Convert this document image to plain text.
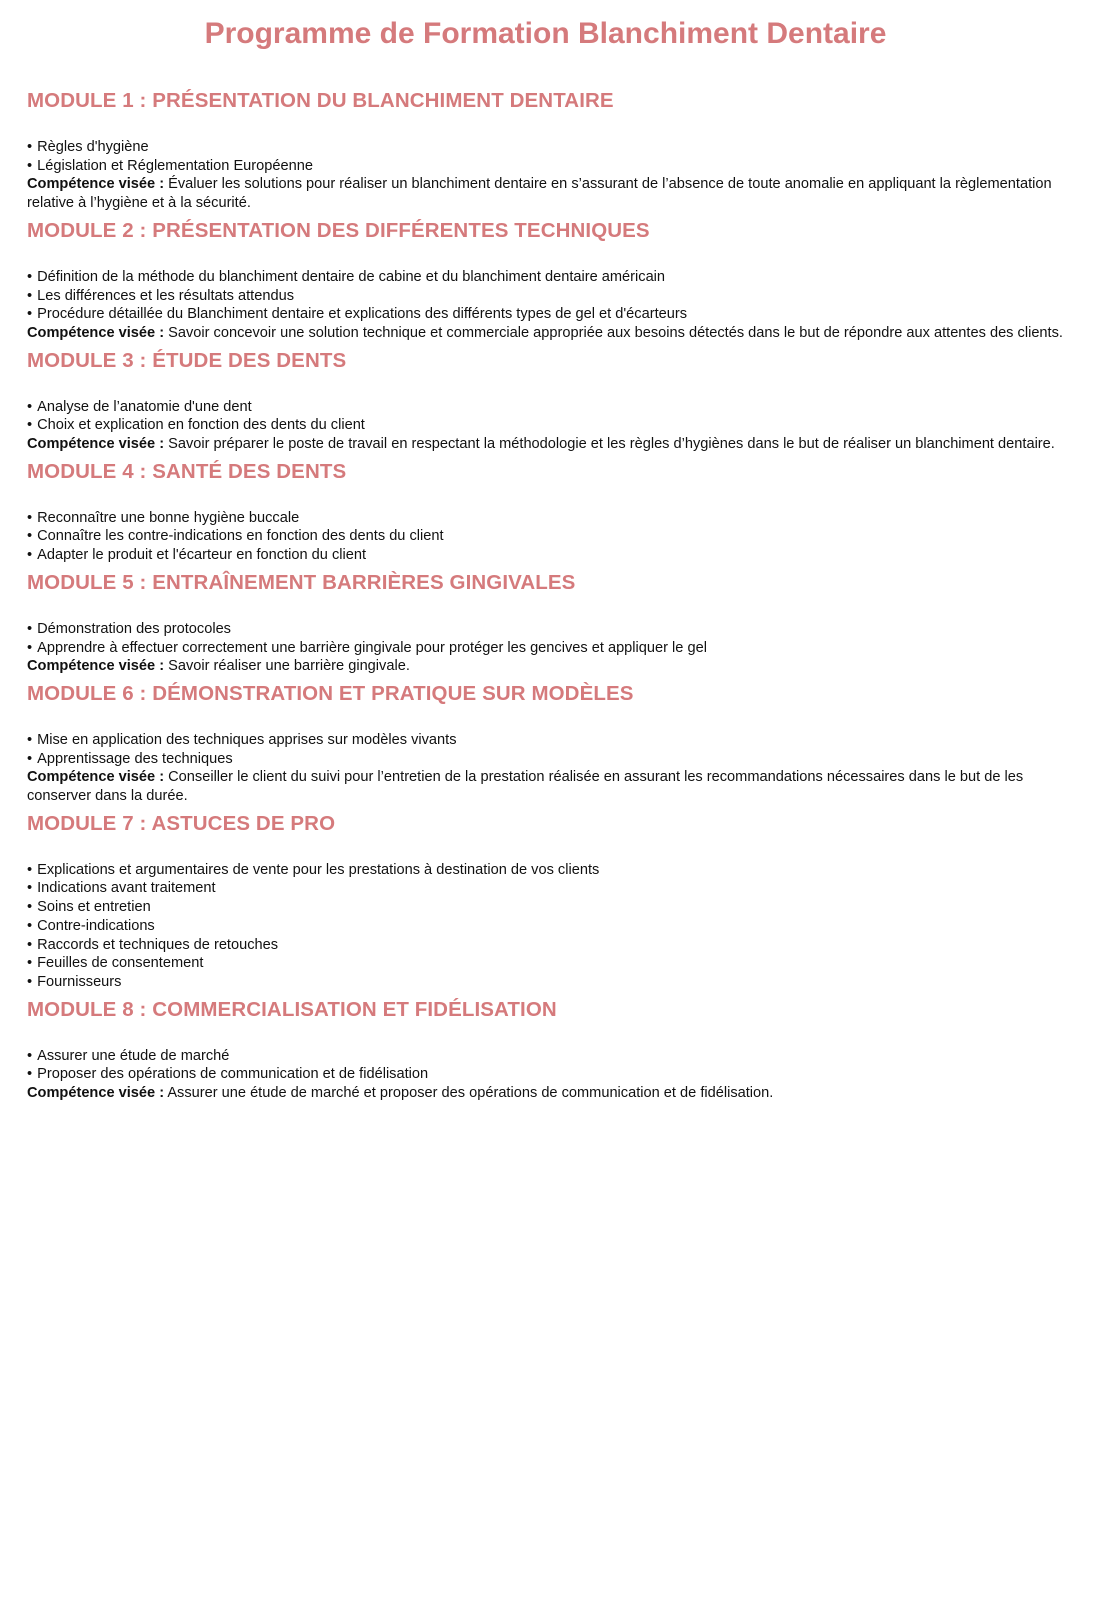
Programme de Formation Blanchiment Dentaire
MODULE 1 : PRÉSENTATION DU BLANCHIMENT DENTAIRE
• Règles d'hygiène
• Législation et Réglementation Européenne

Compétence visée : Évaluer les solutions pour réaliser un blanchiment dentaire en s’assurant de l’absence de toute anomalie en appliquant la règlementation relative à l’hygiène et à la sécurité.

MODULE 2 : PRÉSENTATION DES DIFFÉRENTES TECHNIQUES
• Définition de la méthode du blanchiment dentaire de cabine et du blanchiment dentaire américain
• Les différences et les résultats attendus
• Procédure détaillée du Blanchiment dentaire et explications des différents types de gel et d'écarteurs

Compétence visée : Savoir concevoir une solution technique et commerciale appropriée aux besoins détectés dans le but de répondre aux attentes des clients.

MODULE 3 : ÉTUDE DES DENTS
• Analyse de l’anatomie d'une dent
• Choix et explication en fonction des dents du client

Compétence visée : Savoir préparer le poste de travail en respectant la méthodologie et les règles d’hygiènes dans le but de réaliser un blanchiment dentaire.

MODULE 4 : SANTÉ DES DENTS
• Reconnaître une bonne hygiène buccale
• Connaître les contre-indications en fonction des dents du client
• Adapter le produit et l'écarteur en fonction du client
MODULE 5 : ENTRAÎNEMENT BARRIÈRES GINGIVALES
• Démonstration des protocoles
• Apprendre à effectuer correctement une barrière gingivale pour protéger les gencives et appliquer le gel

Compétence visée : Savoir réaliser une barrière gingivale.

MODULE 6 : DÉMONSTRATION ET PRATIQUE SUR MODÈLES
• Mise en application des techniques apprises sur modèles vivants
• Apprentissage des techniques

Compétence visée : Conseiller le client du suivi pour l’entretien de la prestation réalisée en assurant les recommandations nécessaires dans le but de les conserver dans la durée.

MODULE 7 : ASTUCES DE PRO
• Explications et argumentaires de vente pour les prestations à destination de vos clients
• Indications avant traitement
• Soins et entretien
• Contre-indications
• Raccords et techniques de retouches
• Feuilles de consentement
• Fournisseurs
MODULE 8 : COMMERCIALISATION ET FIDÉLISATION
• Assurer une étude de marché
• Proposer des opérations de communication et de fidélisation

Compétence visée : Assurer une étude de marché et proposer des opérations de communication et de fidélisation.
